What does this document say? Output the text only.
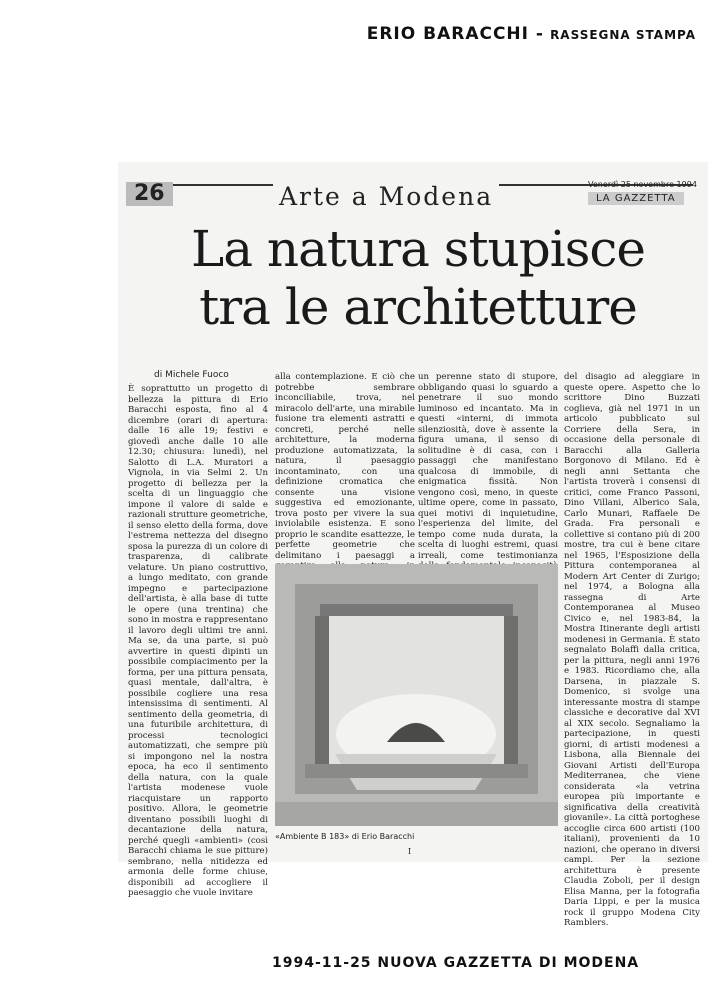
ERIO BARACCHI - RASSEGNA STAMPA
26	Arte a Modena	Venerdì 25 novembre 1994
LA GAZZETTA
La natura stupisce
tra le architetture
di Michele Fuoco
È soprattutto un progetto di bellezza la pittura di Erio Baracchi esposta, fino al 4 dicembre (orari di apertura: dalle 16 alle 19; festivi e giovedì anche dalle 10 alle 12.30; chiusura: lunedì), nel Salotto di L.A. Muratori a Vignola, in via Selmi 2. Un progetto di bellezza per la scelta di un linguaggio che impone il valore di salde e razionali strutture geometriche, il senso eletto della forma, dove l'estrema nettezza del disegno sposa la purezza di un colore di trasparenza, di calibrate velature. Un piano costruttivo, a lungo meditato, con grande impegno e partecipazione dell'artista, è alla base di tutte le opere (una trentina) che sono in mostra e rappresentano il lavoro degli ultimi tre anni. Ma se, da una parte, si può avvertire in questi dipinti un possibile compiacimento per la forma, per una pittura pensata, quasi mentale, dall'altra, è possibile cogliere una resa intensissima di sentimenti. Al sentimento della geometria, di una futuribile architettura, di processi tecnologici automatizzati, che sempre più si impongono nel la nostra epoca, ha eco il sentimento della natura, con la quale l'artista modenese vuole riacquistare un rapporto positivo. Allora, le geometrie diventano possibili luoghi di decantazione della natura, perché quegli «ambienti» (così Baracchi chiama le sue pitture) sembrano, nella nitidezza ed armonia delle forme chiuse, disponibili ad accogliere il paesaggio che vuole invitare
alla contemplazione. E ciò che potrebbe sembrare inconciliabile, trova, nel miracolo dell'arte, una mirabile fusione tra elementi astratti e concreti, perché nelle architetture, la moderna produzione automatizzata, la natura, il paesaggio incontaminato, con una definizione cromatica che consente una visione suggestiva ed emozionante, trova posto per vivere la sua inviolabile esistenza. E sono proprio le scandite esattezze, le perfette geometrie che delimitano i paesaggi a
un perenne stato di stupore, obbligando quasi lo sguardo a penetrare il suo mondo luminoso ed incantato. Ma in questi «interni, di immota silenziosità, dove è assente la figura umana, il senso di solitudine è di casa, con i passaggi che manifestano qualcosa di immobile, di enigmatica fissità. Non vengono così, meno, in queste ultime opere, come in passato, quei motivi di inquietudine, l'esperienza del limite, del tempo come nuda durata, la scelta di luoghi estremi, quasi irreali, come testimonianza
del disagio ad aleggiare in queste opere. Aspetto che lo scrittore Dino Buzzati coglieva, già nel 1971 in un articolo pubblicato sul Corriere della Sera, in occasione della personale di Baracchi alla Galleria Borgonovo di Milano. Ed è negli anni Settanta che l'artista troverà i consensi di critici, come Franco Passoni, Dino Villani, Alberico Sala, Carlo Munari, Raffaele De Grada. Fra personali e collettive si contano più di 200 mostre, tra cui è bene citare nel 1965, l'Esposizione della Pittura contemporanea al Modern Art Center di Zurigo; nel 1974, a Bologna alla rassegna di Arte Contemporanea al Museo Civico e, nel 1983-84, la Mostra Itinerante degli artisti modenesi in Germania. È stato segnalato Bolaffi dalla critica, per la pittura, negli anni 1976 e 1983. Ricordiamo che, alla Darsena, in piazzale S. Domenico, si svolge una interessante mostra di stampe classiche e decorative dal XVI al XIX secolo. Segnaliamo la partecipazione, in questi giorni, di artisti modenesi a Lisbona, alla Biennale dei Giovani Artisti dell'Europa Mediterranea, che viene considerata «la vetrina europea più importante e significativa della creatività giovanile». La città portoghese accoglie circa 600 artisti (100 italiani), provenienti da 10 nazioni, che operano in diversi campi. Per la sezione architettura è presente Claudia Zoboli, per il design Elisa Manna, per la fotografia Daria Lippi, e per la musica rock il gruppo Modena City Ramblers.
«Ambiente B 183» di Erio Baracchi
I
1994-11-25 NUOVA GAZZETTA DI MODENA
